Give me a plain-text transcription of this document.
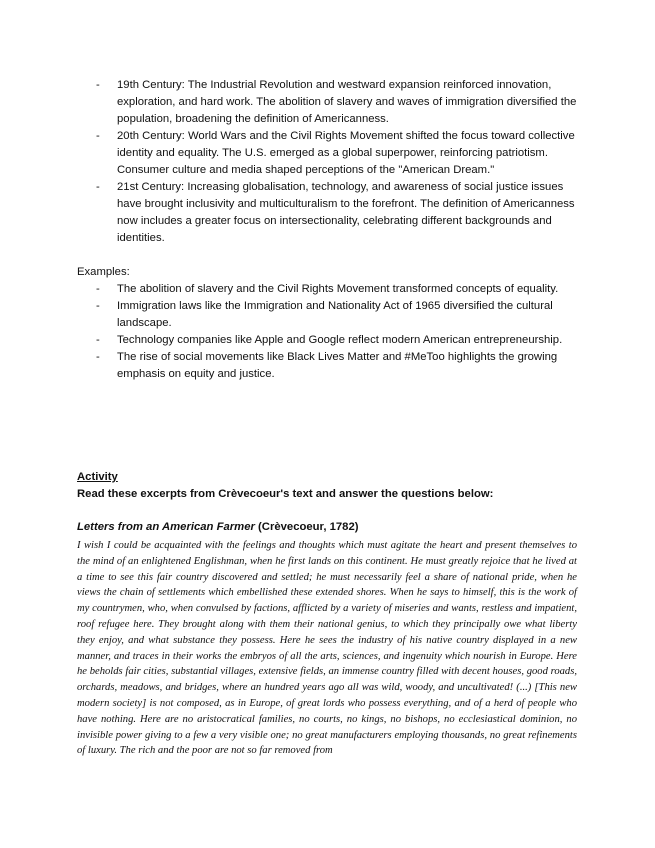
- 19th Century: The Industrial Revolution and westward expansion reinforced innovation, exploration, and hard work. The abolition of slavery and waves of immigration diversified the population, broadening the definition of Americanness.
- 20th Century: World Wars and the Civil Rights Movement shifted the focus toward collective identity and equality. The U.S. emerged as a global superpower, reinforcing patriotism. Consumer culture and media shaped perceptions of the "American Dream."
- 21st Century: Increasing globalisation, technology, and awareness of social justice issues have brought inclusivity and multiculturalism to the forefront. The definition of Americanness now includes a greater focus on intersectionality, celebrating different backgrounds and identities.
Examples:
- The abolition of slavery and the Civil Rights Movement transformed concepts of equality.
- Immigration laws like the Immigration and Nationality Act of 1965 diversified the cultural landscape.
- Technology companies like Apple and Google reflect modern American entrepreneurship.
- The rise of social movements like Black Lives Matter and #MeToo highlights the growing emphasis on equity and justice.
Activity
Read these excerpts from Crèvecoeur's text and answer the questions below:
Letters from an American Farmer (Crèvecoeur, 1782)

I wish I could be acquainted with the feelings and thoughts which must agitate the heart and present themselves to the mind of an enlightened Englishman, when he first lands on this continent. He must greatly rejoice that he lived at a time to see this fair country discovered and settled; he must necessarily feel a share of national pride, when he views the chain of settlements which embellished these extended shores. When he says to himself, this is the work of my countrymen, who, when convulsed by factions, afflicted by a variety of miseries and wants, restless and impatient, roof refugee here. They brought along with them their national genius, to which they principally owe what liberty they enjoy, and what substance they possess. Here he sees the industry of his native country displayed in a new manner, and traces in their works the embryos of all the arts, sciences, and ingenuity which nourish in Europe. Here he beholds fair cities, substantial villages, extensive fields, an immense country filled with decent houses, good roads, orchards, meadows, and bridges, where an hundred years ago all was wild, woody, and uncultivated! (...) [This new modern society] is not composed, as in Europe, of great lords who possess everything, and of a herd of people who have nothing. Here are no aristocratical families, no courts, no kings, no bishops, no ecclesiastical dominion, no invisible power giving to a few a very visible one; no great manufacturers employing thousands, no great refinements of luxury. The rich and the poor are not so far removed from
